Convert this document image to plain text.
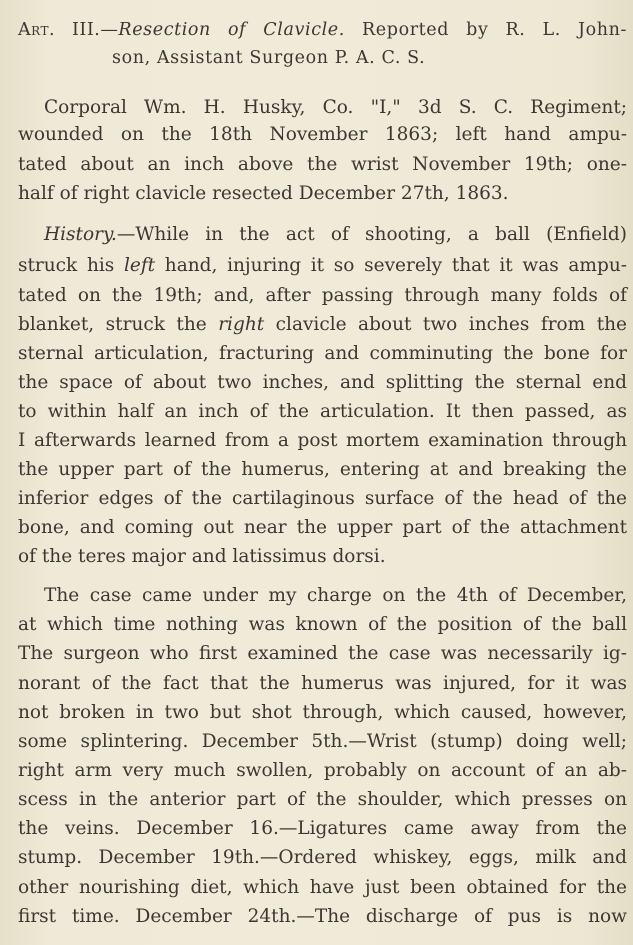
Art. III.—Resection of Clavicle. Reported by R. L. John-
son, Assistant Surgeon P. A. C. S.
Corporal Wm. H. Husky, Co. "I," 3d S. C. Regiment;
wounded on the 18th November 1863; left hand ampu-
tated about an inch above the wrist November 19th; one-
half of right clavicle resected December 27th, 1863.
History.—While in the act of shooting, a ball (Enfield)
struck his left hand, injuring it so severely that it was ampu-
tated on the 19th; and, after passing through many folds of
blanket, struck the right clavicle about two inches from the
sternal articulation, fracturing and comminuting the bone for
the space of about two inches, and splitting the sternal end
to within half an inch of the articulation. It then passed, as
I afterwards learned from a post mortem examination through
the upper part of the humerus, entering at and breaking the
inferior edges of the cartilaginous surface of the head of the
bone, and coming out near the upper part of the attachment
of the teres major and latissimus dorsi.
The case came under my charge on the 4th of December,
at which time nothing was known of the position of the ball
The surgeon who first examined the case was necessarily ig-
norant of the fact that the humerus was injured, for it was
not broken in two but shot through, which caused, however,
some splintering. December 5th.—Wrist (stump) doing well;
right arm very much swollen, probably on account of an ab-
scess in the anterior part of the shoulder, which presses on
the veins. December 16.—Ligatures came away from the
stump. December 19th.—Ordered whiskey, eggs, milk and
other nourishing diet, which have just been obtained for the
first time. December 24th.—The discharge of pus is now
